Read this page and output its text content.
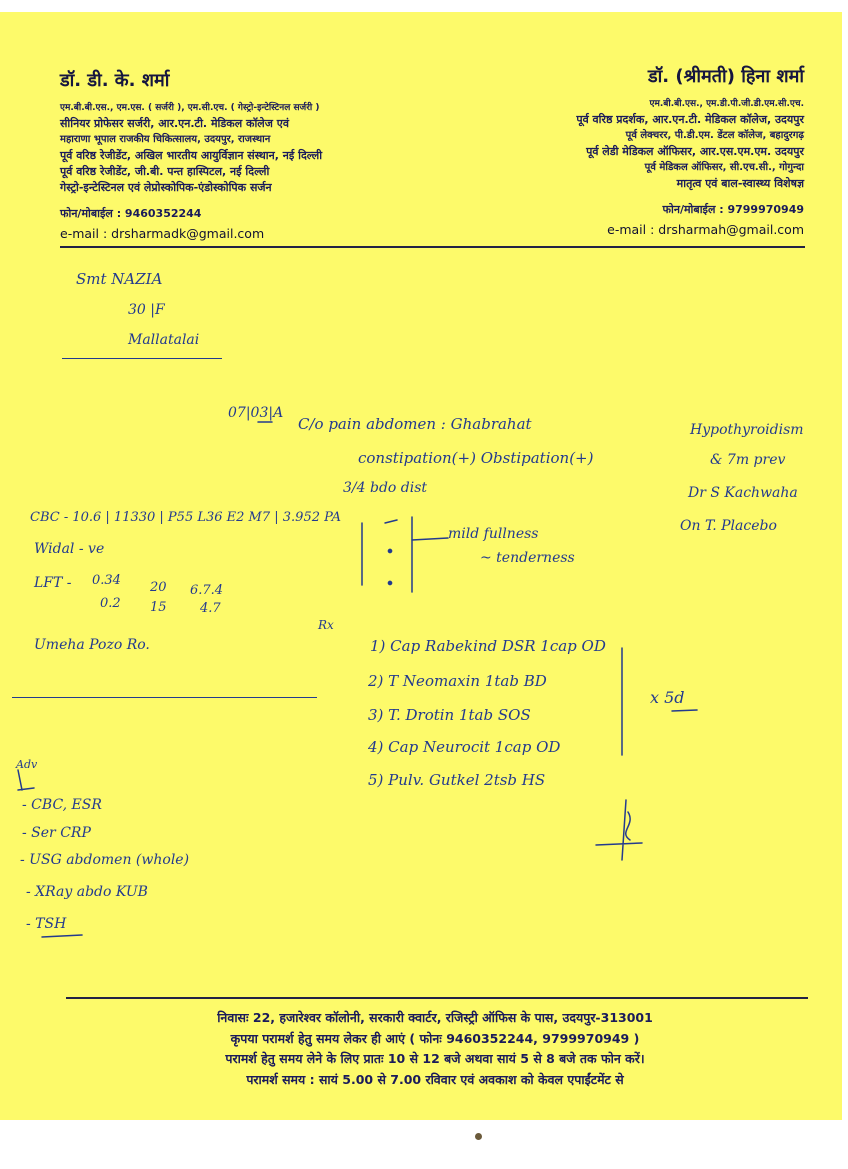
डॉ. डी. के. शर्मा
एम.बी.बी.एस., एम.एस. ( सर्जरी ), एम.सी.एच. ( गेस्ट्रो-इन्टेस्टिनल सर्जरी )
सीनियर प्रोफेसर सर्जरी, आर.एन.टी. मेडिकल कॉलेज एवं
महाराणा भूपाल राजकीय चिकित्सालय, उदयपुर, राजस्थान
पूर्व वरिष्ठ रेजीडेंट, अखिल भारतीय आयुर्विज्ञान संस्थान, नई दिल्ली
पूर्व वरिष्ठ रेजीडेंट, जी.बी. पन्त हास्पिटल, नई दिल्ली
गेस्ट्रो-इन्टेस्टिनल एवं लेप्रोस्कोपिक-एंडोस्कोपिक सर्जन
फोन/मोबाईल : 9460352244
e-mail : drsharmadk@gmail.com
डॉ. (श्रीमती) हिना शर्मा
एम.बी.बी.एस., एम.डी.पी.जी.डी.एम.सी.एच.
पूर्व वरिष्ठ प्रदर्शक, आर.एन.टी. मेडिकल कॉलेज, उदयपुर
पूर्व लेक्चरर, पी.डी.एम. डेंटल कॉलेज, बहादुरगढ़
पूर्व लेडी मेडिकल ऑफिसर, आर.एस.एम.एम. उदयपुर
पूर्व मेडिकल ऑफिसर, सी.एच.सी., गोगुन्दा
मातृत्व एवं बाल-स्वास्थ्य विशेषज्ञ
फोन/मोबाईल : 9799970949
e-mail : drsharmah@gmail.com
Smt NAZIA
30 |F
Mallatalai
07|03|A
C/o pain abdomen : Ghabrahat
constipation(+) Obstipation(+)
3/4 bdo dist
mild fullness
~ tenderness
Hypothyroidism
& 7m prev
Dr S Kachwaha
On T. Placebo
CBC - 10.6 | 11330 | P55 L36 E2 M7 | 3.952 PA
Widal - ve
LFT - 0.34
0.2
20
15
6.7.4
4.7
Umeha Pozo Ro.
Rx
1) Cap Rabekind DSR 1cap OD
2) T Neomaxin 1tab BD
3) T. Drotin 1tab SOS
4) Cap Neurocit 1cap OD
5) Pulv. Gutkel 2tsb HS
x 5d
Adv
- CBC, ESR
- Ser CRP
- USG abdomen (whole)
- XRay abdo KUB
- TSH
निवासः 22, हजारेश्वर कॉलोनी, सरकारी क्वार्टर, रजिस्ट्री ऑफिस के पास, उदयपुर-313001
कृपया परामर्श हेतु समय लेकर ही आएं ( फोनः 9460352244, 9799970949 )
परामर्श हेतु समय लेने के लिए प्रातः 10 से 12 बजे अथवा सायं 5 से 8 बजे तक फोन करें।
परामर्श समय : सायं 5.00 से 7.00 रविवार एवं अवकाश को केवल एपाईंटमेंट से
